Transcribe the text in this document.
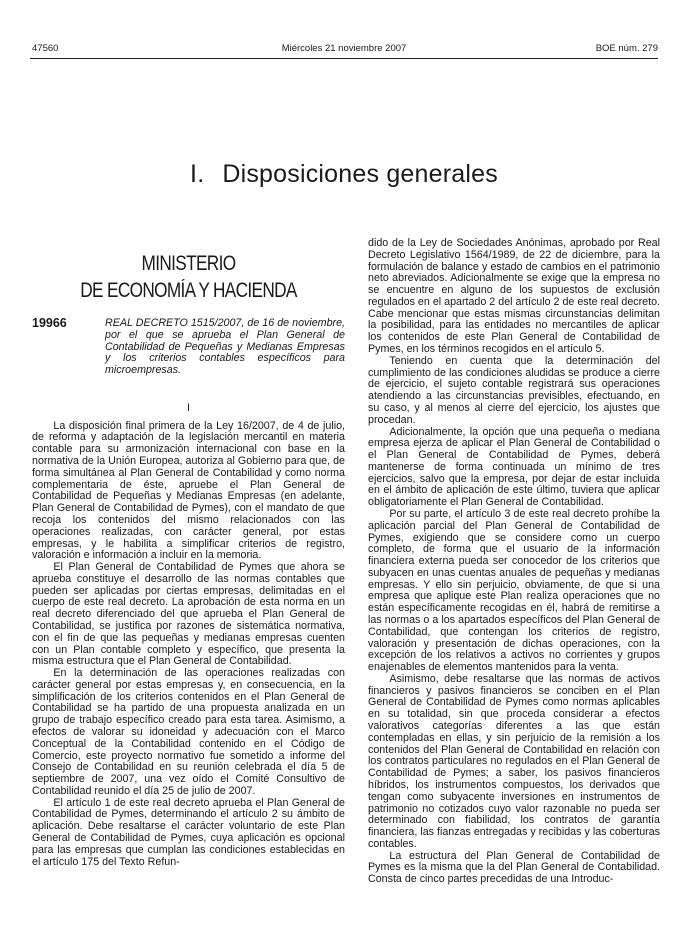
47560	Miércoles 21 noviembre 2007	BOE núm. 279
I. Disposiciones generales
MINISTERIO
DE ECONOMÍA Y HACIENDA
19966	REAL DECRETO 1515/2007, de 16 de noviembre, por el que se aprueba el Plan General de Contabilidad de Pequeñas y Medianas Empresas y los criterios contables específicos para microempresas.
I

La disposición final primera de la Ley 16/2007, de 4 de julio, de reforma y adaptación de la legislación mercantil en materia contable para su armonización internacional con base en la normativa de la Unión Europea, autoriza al Gobierno para que, de forma simultánea al Plan General de Contabilidad y como norma complementaria de éste, apruebe el Plan General de Contabilidad de Pequeñas y Medianas Empresas (en adelante, Plan General de Contabilidad de Pymes), con el mandato de que recoja los contenidos del mismo relacionados con las operaciones realizadas, con carácter general, por estas empresas, y le habilita a simplificar criterios de registro, valoración e información a incluir en la memoria.

El Plan General de Contabilidad de Pymes que ahora se aprueba constituye el desarrollo de las normas contables que pueden ser aplicadas por ciertas empresas, delimitadas en el cuerpo de este real decreto. La aprobación de esta norma en un real decreto diferenciado del que aprueba el Plan General de Contabilidad, se justifica por razones de sistemática normativa, con el fin de que las pequeñas y medianas empresas cuenten con un Plan contable completo y específico, que presenta la misma estructura que el Plan General de Contabilidad.

En la determinación de las operaciones realizadas con carácter general por estas empresas y, en consecuencia, en la simplificación de los criterios contenidos en el Plan General de Contabilidad se ha partido de una propuesta analizada en un grupo de trabajo específico creado para esta tarea. Asimismo, a efectos de valorar su idoneidad y adecuación con el Marco Conceptual de la Contabilidad contenido en el Código de Comercio, este proyecto normativo fue sometido a informe del Consejo de Contabilidad en su reunión celebrada el día 5 de septiembre de 2007, una vez oído el Comité Consultivo de Contabilidad reunido el día 25 de julio de 2007.

El artículo 1 de este real decreto aprueba el Plan General de Contabilidad de Pymes, determinando el artículo 2 su ámbito de aplicación. Debe resaltarse el carácter voluntario de este Plan General de Contabilidad de Pymes, cuya aplicación es opcional para las empresas que cumplan las condiciones establecidas en el artículo 175 del Texto Refun-

dido de la Ley de Sociedades Anónimas, aprobado por Real Decreto Legislativo 1564/1989, de 22 de diciembre, para la formulación de balance y estado de cambios en el patrimonio neto abreviados. Adicionalmente se exige que la empresa no se encuentre en alguno de los supuestos de exclusión regulados en el apartado 2 del artículo 2 de este real decreto. Cabe mencionar que estas mismas circunstancias delimitan la posibilidad, para las entidades no mercantiles de aplicar los contenidos de este Plan General de Contabilidad de Pymes, en los términos recogidos en el artículo 5.

Teniendo en cuenta que la determinación del cumplimiento de las condiciones aludidas se produce a cierre de ejercicio, el sujeto contable registrará sus operaciones atendiendo a las circunstancias previsibles, efectuando, en su caso, y al menos al cierre del ejercicio, los ajustes que procedan.

Adicionalmente, la opción que una pequeña o mediana empresa ejerza de aplicar el Plan General de Contabilidad o el Plan General de Contabilidad de Pymes, deberá mantenerse de forma continuada un mínimo de tres ejercicios, salvo que la empresa, por dejar de estar incluida en el ámbito de aplicación de este último, tuviera que aplicar obligatoriamente el Plan General de Contabilidad.

Por su parte, el artículo 3 de este real decreto prohíbe la aplicación parcial del Plan General de Contabilidad de Pymes, exigiendo que se considere como un cuerpo completo, de forma que el usuario de la información financiera externa pueda ser conocedor de los criterios que subyacen en unas cuentas anuales de pequeñas y medianas empresas. Y ello sin perjuicio, obviamente, de que si una empresa que aplique este Plan realiza operaciones que no están específicamente recogidas en él, habrá de remitirse a las normas o a los apartados específicos del Plan General de Contabilidad, que contengan los criterios de registro, valoración y presentación de dichas operaciones, con la excepción de los relativos a activos no corrientes y grupos enajenables de elementos mantenidos para la venta.

Asimismo, debe resaltarse que las normas de activos financieros y pasivos financieros se conciben en el Plan General de Contabilidad de Pymes como normas aplicables en su totalidad, sin que proceda considerar a efectos valorativos categorías diferentes a las que están contempladas en ellas, y sin perjuicio de la remisión a los contenidos del Plan General de Contabilidad en relación con los contratos particulares no regulados en el Plan General de Contabilidad de Pymes; a saber, los pasivos financieros híbridos, los instrumentos compuestos, los derivados que tengan como subyacente inversiones en instrumentos de patrimonio no cotizados cuyo valor razonable no pueda ser determinado con fiabilidad, los contratos de garantía financiera, las fianzas entregadas y recibidas y las coberturas contables.

La estructura del Plan General de Contabilidad de Pymes es la misma que la del Plan General de Contabilidad. Consta de cinco partes precedidas de una Introduc-
